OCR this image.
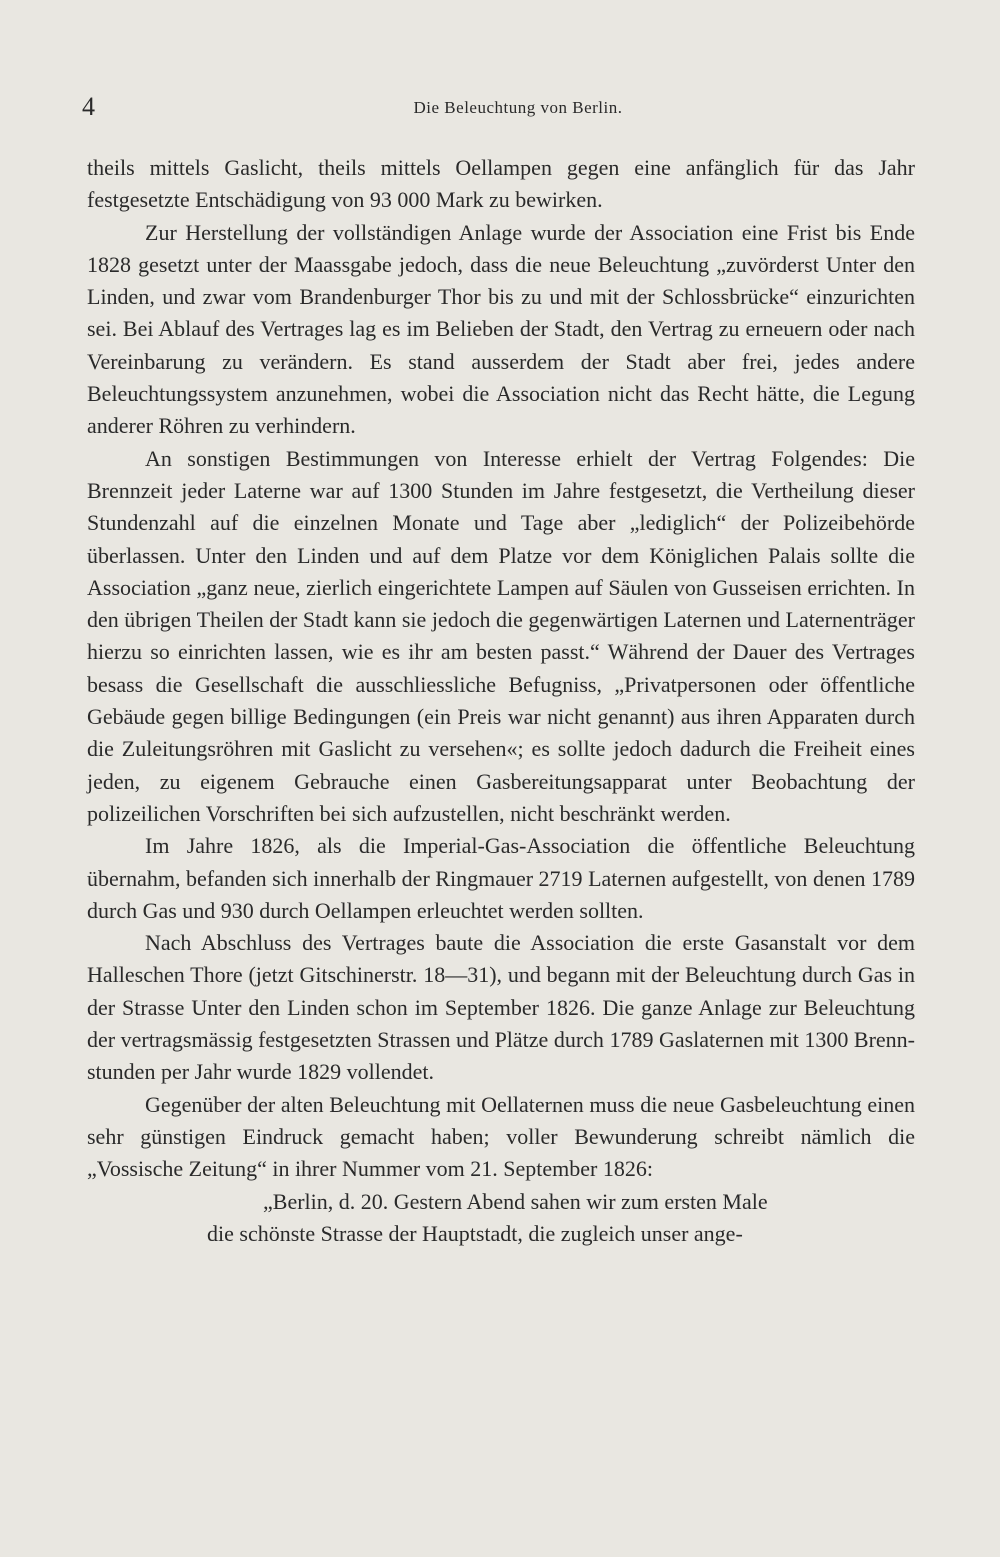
4	Die Beleuchtung von Berlin.

theils mittels Gaslicht, theils mittels Oellampen gegen eine anfänglich für das Jahr festgesetzte Entschädigung von 93 000 Mark zu bewirken.

Zur Herstellung der vollständigen Anlage wurde der Association eine Frist bis Ende 1828 gesetzt unter der Maassgabe jedoch, dass die neue Beleuchtung „zuvörderst Unter den Linden, und zwar vom Brandenburger Thor bis zu und mit der Schlossbrücke“ einzurichten sei. Bei Ablauf des Vertrages lag es im Belieben der Stadt, den Vertrag zu erneuern oder nach Vereinbarung zu verändern. Es stand ausserdem der Stadt aber frei, jedes andere Beleuchtungssystem anzunehmen, wobei die Association nicht das Recht hätte, die Legung anderer Röhren zu verhindern.

An sonstigen Bestimmungen von Interesse erhielt der Vertrag Folgendes: Die Brennzeit jeder Laterne war auf 1300 Stunden im Jahre festgesetzt, die Vertheilung dieser Stundenzahl auf die einzelnen Monate und Tage aber „lediglich“ der Polizeibehörde überlassen. Unter den Linden und auf dem Platze vor dem Königlichen Palais sollte die Association „ganz neue, zierlich eingerichtete Lampen auf Säulen von Gusseisen errichten. In den übrigen Theilen der Stadt kann sie jedoch die gegenwärtigen Laternen und Laternenträger hierzu so einrichten lassen, wie es ihr am besten passt.“ Während der Dauer des Vertrages besass die Gesellschaft die ausschliessliche Befugniss, „Privatpersonen oder öffentliche Gebäude gegen billige Bedingungen (ein Preis war nicht genannt) aus ihren Apparaten durch die Zuleitungsröhren mit Gaslicht zu versehen«; es sollte jedoch dadurch die Freiheit eines jeden, zu eigenem Gebrauche einen Gasbereitungsapparat unter Beobachtung der polizeilichen Vorschriften bei sich aufzustellen, nicht beschränkt werden.

Im Jahre 1826, als die Imperial-Gas-Association die öffentliche Beleuchtung übernahm, befanden sich innerhalb der Ringmauer 2719 Laternen aufgestellt, von denen 1789 durch Gas und 930 durch Oellampen erleuchtet werden sollten.

Nach Abschluss des Vertrages baute die Association die erste Gasanstalt vor dem Halleschen Thore (jetzt Gitschinerstr. 18—31), und begann mit der Beleuchtung durch Gas in der Strasse Unter den Linden schon im September 1826. Die ganze Anlage zur Beleuchtung der vertragsmässig festgesetzten Strassen und Plätze durch 1789 Gaslaternen mit 1300 Brennstunden per Jahr wurde 1829 vollendet.

Gegenüber der alten Beleuchtung mit Oellaternen muss die neue Gasbeleuchtung einen sehr günstigen Eindruck gemacht haben; voller Bewunderung schreibt nämlich die „Vossische Zeitung“ in ihrer Nummer vom 21. September 1826:

„Berlin, d. 20. Gestern Abend sahen wir zum ersten Male
die schönste Strasse der Hauptstadt, die zugleich unser ange-
